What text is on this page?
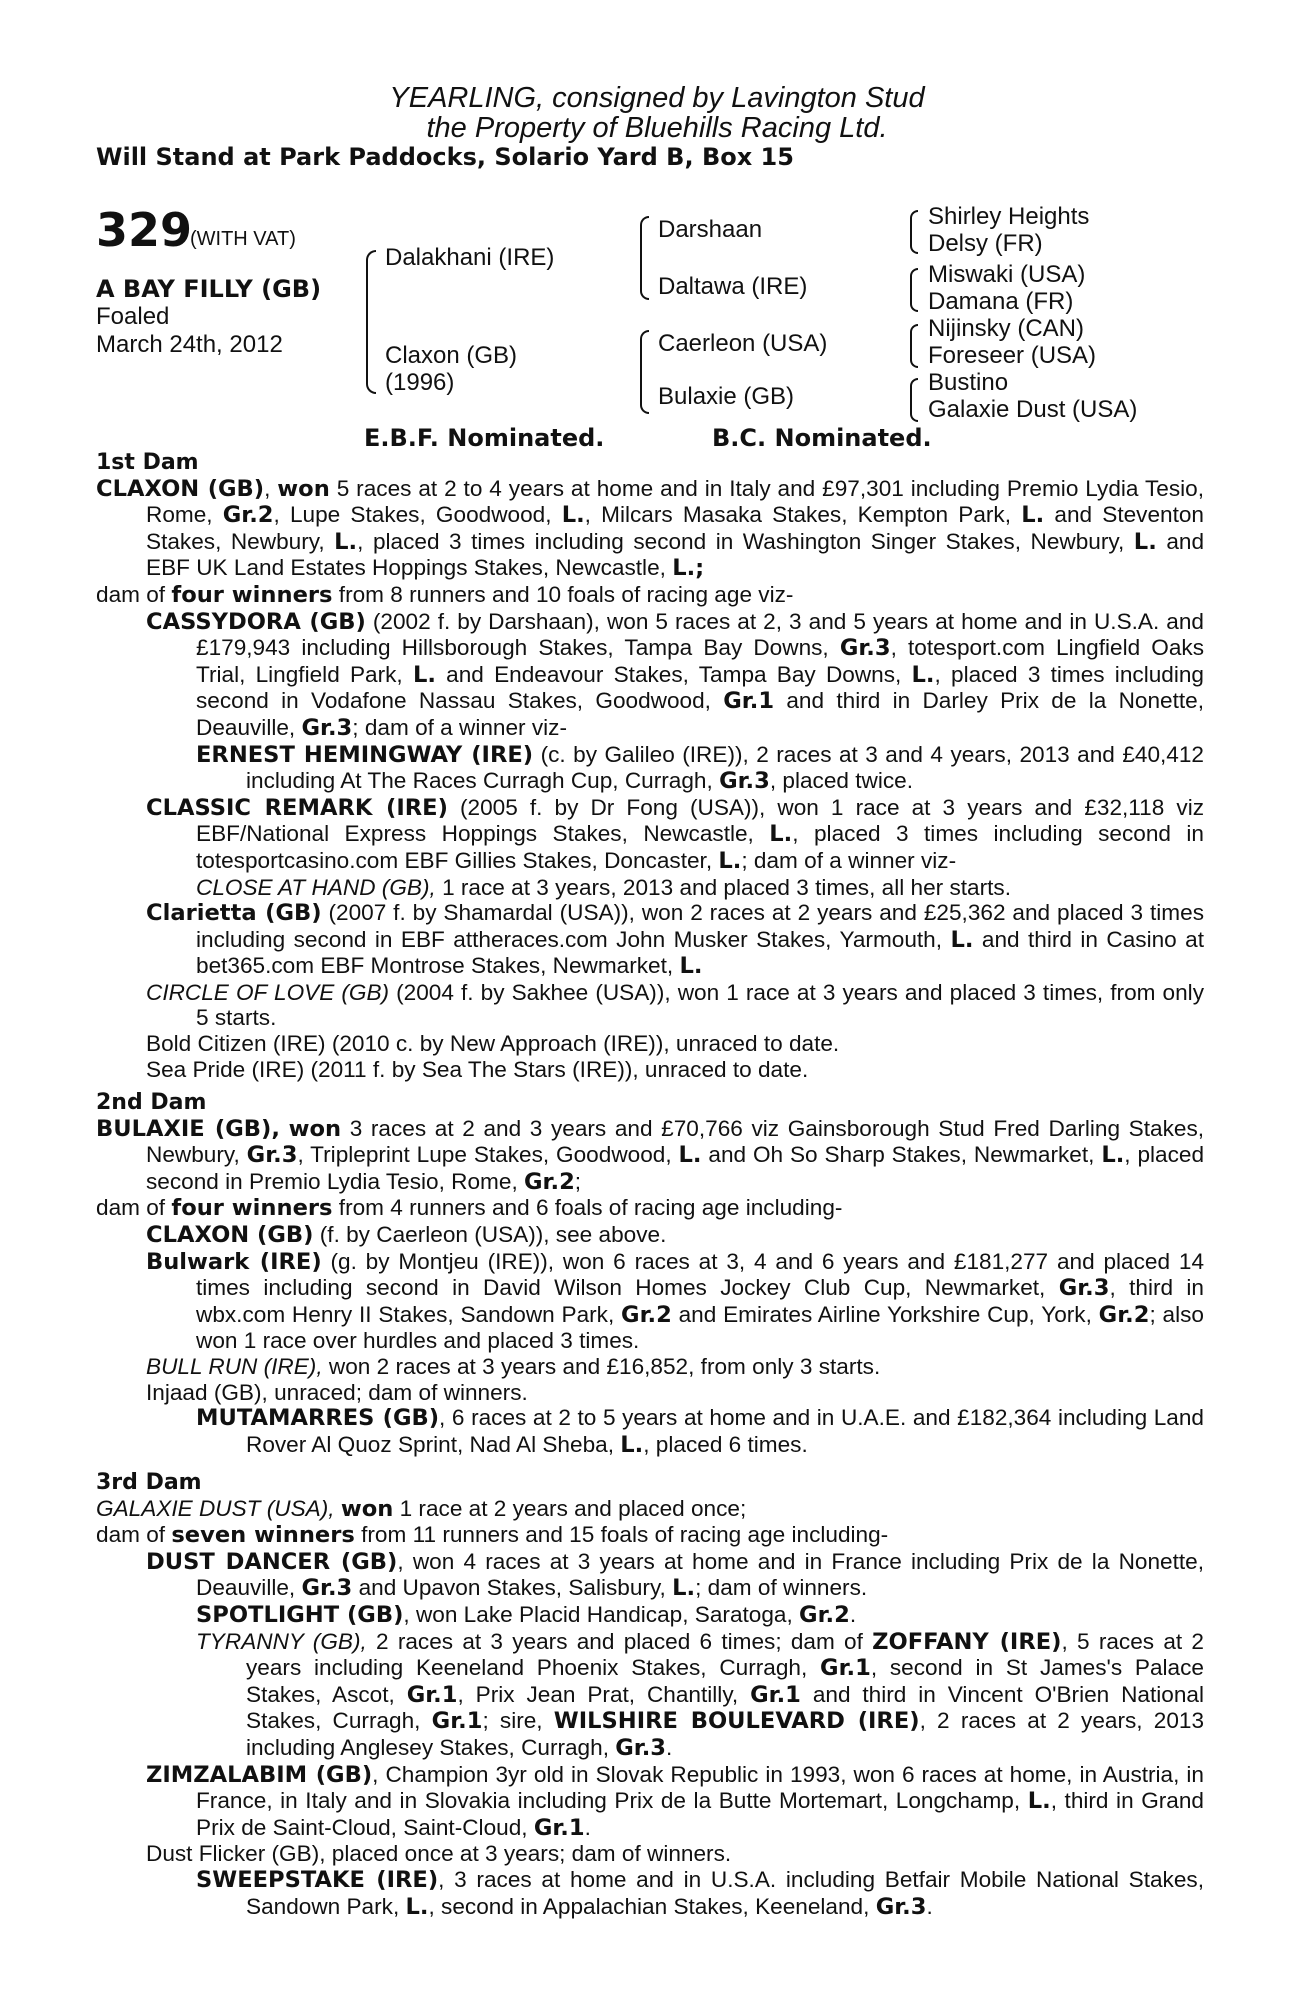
YEARLING, consigned by Lavington Stud
the Property of Bluehills Racing Ltd.
Will Stand at Park Paddocks, Solario Yard B, Box 15
329
(WITH VAT)
A BAY FILLY (GB)
Foaled
March 24th, 2012
Dalakhani (IRE)
Claxon (GB)
(1996)
Darshaan
Daltawa (IRE)
Caerleon (USA)
Bulaxie (GB)
Shirley Heights
Delsy (FR)
Miswaki (USA)
Damana (FR)
Nijinsky (CAN)
Foreseer (USA)
Bustino
Galaxie Dust (USA)
E.B.F. Nominated.	B.C. Nominated.
1st Dam
CLAXON (GB), won 5 races at 2 to 4 years at home and in Italy and £97,301 including Premio Lydia Tesio, Rome, Gr.2, Lupe Stakes, Goodwood, L., Milcars Masaka Stakes, Kempton Park, L. and Steventon Stakes, Newbury, L., placed 3 times including second in Washington Singer Stakes, Newbury, L. and EBF UK Land Estates Hoppings Stakes, Newcastle, L.;
dam of four winners from 8 runners and 10 foals of racing age viz-
CASSYDORA (GB) (2002 f. by Darshaan), won 5 races at 2, 3 and 5 years at home and in U.S.A. and £179,943 including Hillsborough Stakes, Tampa Bay Downs, Gr.3, totesport.com Lingfield Oaks Trial, Lingfield Park, L. and Endeavour Stakes, Tampa Bay Downs, L., placed 3 times including second in Vodafone Nassau Stakes, Goodwood, Gr.1 and third in Darley Prix de la Nonette, Deauville, Gr.3; dam of a winner viz-
ERNEST HEMINGWAY (IRE) (c. by Galileo (IRE)), 2 races at 3 and 4 years, 2013 and £40,412 including At The Races Curragh Cup, Curragh, Gr.3, placed twice.
CLASSIC REMARK (IRE) (2005 f. by Dr Fong (USA)), won 1 race at 3 years and £32,118 viz EBF/National Express Hoppings Stakes, Newcastle, L., placed 3 times including second in totesportcasino.com EBF Gillies Stakes, Doncaster, L.; dam of a winner viz-
CLOSE AT HAND (GB), 1 race at 3 years, 2013 and placed 3 times, all her starts.
Clarietta (GB) (2007 f. by Shamardal (USA)), won 2 races at 2 years and £25,362 and placed 3 times including second in EBF attheraces.com John Musker Stakes, Yarmouth, L. and third in Casino at bet365.com EBF Montrose Stakes, Newmarket, L.
CIRCLE OF LOVE (GB) (2004 f. by Sakhee (USA)), won 1 race at 3 years and placed 3 times, from only 5 starts.
Bold Citizen (IRE) (2010 c. by New Approach (IRE)), unraced to date.
Sea Pride (IRE) (2011 f. by Sea The Stars (IRE)), unraced to date.
2nd Dam
BULAXIE (GB), won 3 races at 2 and 3 years and £70,766 viz Gainsborough Stud Fred Darling Stakes, Newbury, Gr.3, Tripleprint Lupe Stakes, Goodwood, L. and Oh So Sharp Stakes, Newmarket, L., placed second in Premio Lydia Tesio, Rome, Gr.2;
dam of four winners from 4 runners and 6 foals of racing age including-
CLAXON (GB) (f. by Caerleon (USA)), see above.
Bulwark (IRE) (g. by Montjeu (IRE)), won 6 races at 3, 4 and 6 years and £181,277 and placed 14 times including second in David Wilson Homes Jockey Club Cup, Newmarket, Gr.3, third in wbx.com Henry II Stakes, Sandown Park, Gr.2 and Emirates Airline Yorkshire Cup, York, Gr.2; also won 1 race over hurdles and placed 3 times.
BULL RUN (IRE), won 2 races at 3 years and £16,852, from only 3 starts.
Injaad (GB), unraced; dam of winners.
MUTAMARRES (GB), 6 races at 2 to 5 years at home and in U.A.E. and £182,364 including Land Rover Al Quoz Sprint, Nad Al Sheba, L., placed 6 times.
3rd Dam
GALAXIE DUST (USA), won 1 race at 2 years and placed once;
dam of seven winners from 11 runners and 15 foals of racing age including-
DUST DANCER (GB), won 4 races at 3 years at home and in France including Prix de la Nonette, Deauville, Gr.3 and Upavon Stakes, Salisbury, L.; dam of winners.
SPOTLIGHT (GB), won Lake Placid Handicap, Saratoga, Gr.2.
TYRANNY (GB), 2 races at 3 years and placed 6 times; dam of ZOFFANY (IRE), 5 races at 2 years including Keeneland Phoenix Stakes, Curragh, Gr.1, second in St James's Palace Stakes, Ascot, Gr.1, Prix Jean Prat, Chantilly, Gr.1 and third in Vincent O'Brien National Stakes, Curragh, Gr.1; sire, WILSHIRE BOULEVARD (IRE), 2 races at 2 years, 2013 including Anglesey Stakes, Curragh, Gr.3.
ZIMZALABIM (GB), Champion 3yr old in Slovak Republic in 1993, won 6 races at home, in Austria, in France, in Italy and in Slovakia including Prix de la Butte Mortemart, Longchamp, L., third in Grand Prix de Saint-Cloud, Saint-Cloud, Gr.1.
Dust Flicker (GB), placed once at 3 years; dam of winners.
SWEEPSTAKE (IRE), 3 races at home and in U.S.A. including Betfair Mobile National Stakes, Sandown Park, L., second in Appalachian Stakes, Keeneland, Gr.3.
